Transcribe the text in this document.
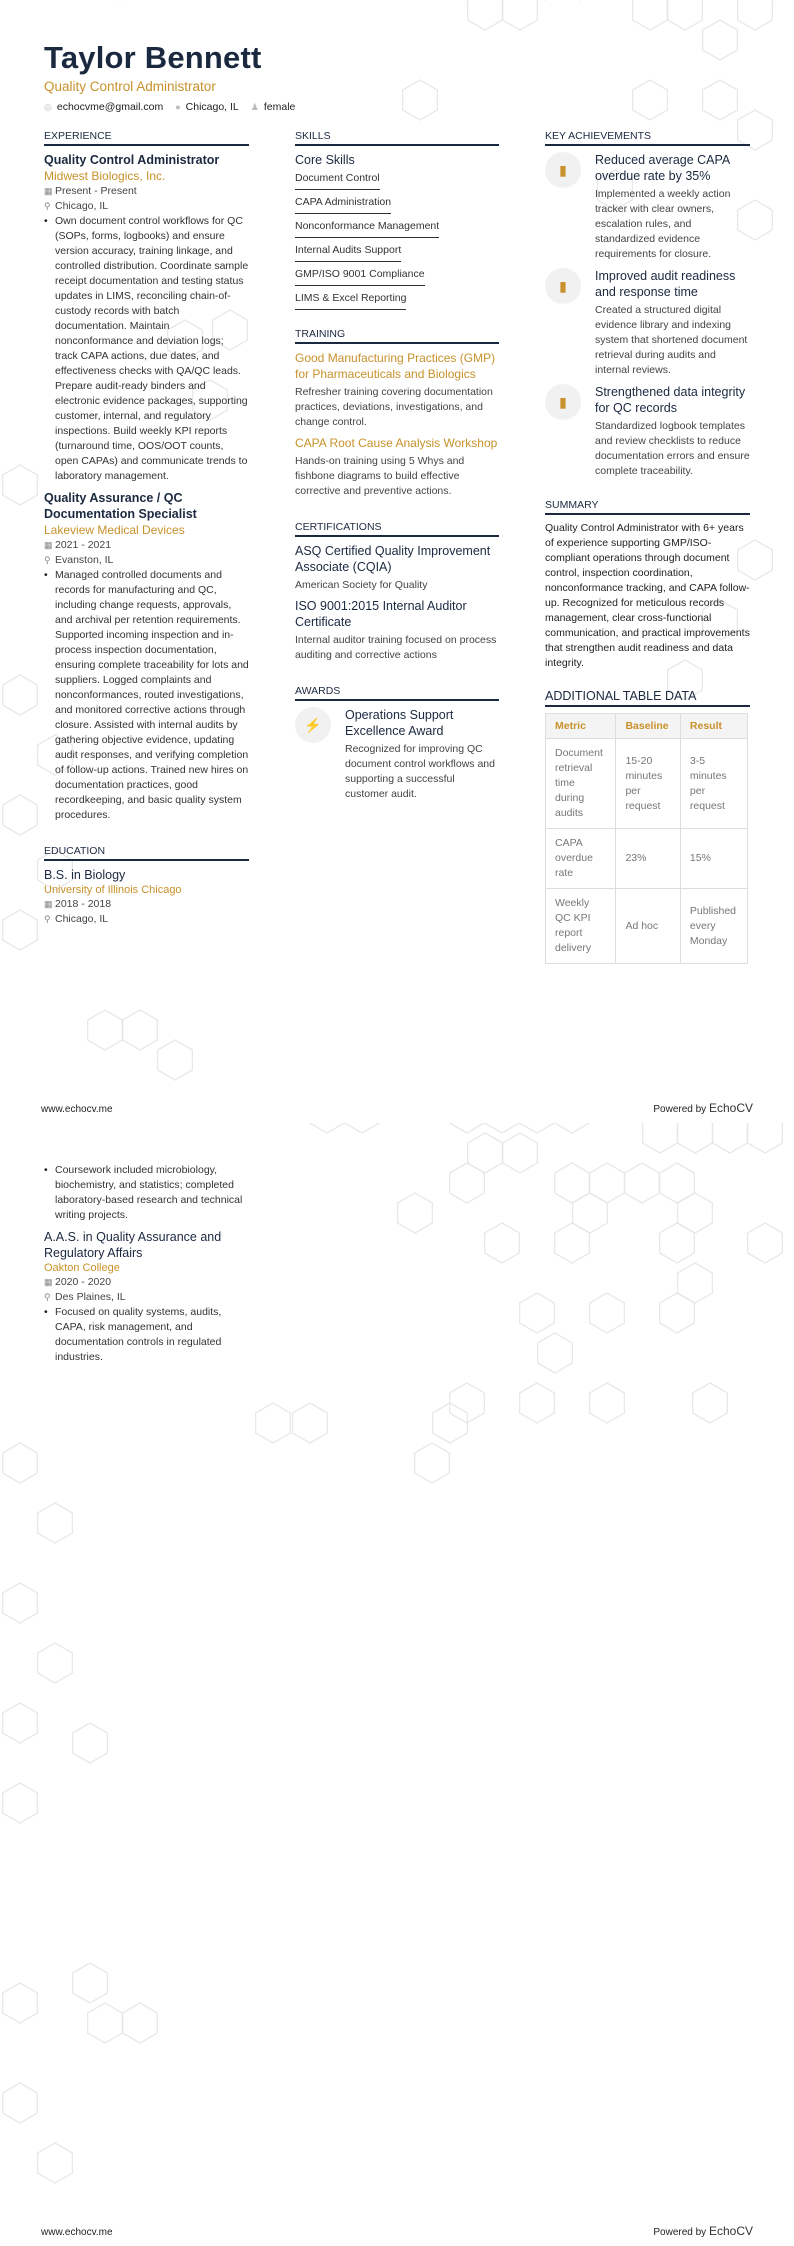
Taylor Bennett
Quality Control Administrator
◎ echocvme@gmail.com ● Chicago, IL ♟ female
EXPERIENCE
Quality Control Administrator
Midwest Biologics, Inc.
▦ Present - Present
⚲ Chicago, IL
• Own document control workflows for QC (SOPs, forms, logbooks) and ensure version accuracy, training linkage, and controlled distribution. Coordinate sample receipt documentation and testing status updates in LIMS, reconciling chain-of-custody records with batch documentation. Maintain nonconformance and deviation logs; track CAPA actions, due dates, and effectiveness checks with QA/QC leads. Prepare audit-ready binders and electronic evidence packages, supporting customer, internal, and regulatory inspections. Build weekly KPI reports (turnaround time, OOS/OOT counts, open CAPAs) and communicate trends to laboratory management.
Quality Assurance / QC Documentation Specialist
Lakeview Medical Devices
▦ 2021 - 2021
⚲ Evanston, IL
• Managed controlled documents and records for manufacturing and QC, including change requests, approvals, and archival per retention requirements. Supported incoming inspection and in-process inspection documentation, ensuring complete traceability for lots and suppliers. Logged complaints and nonconformances, routed investigations, and monitored corrective actions through closure. Assisted with internal audits by gathering objective evidence, updating audit responses, and verifying completion of follow-up actions. Trained new hires on documentation practices, good recordkeeping, and basic quality system procedures.
EDUCATION
B.S. in Biology
University of Illinois Chicago
▦ 2018 - 2018
⚲ Chicago, IL
SKILLS
Core Skills
Document Control
CAPA Administration
Nonconformance Management
Internal Audits Support
GMP/ISO 9001 Compliance
LIMS & Excel Reporting
TRAINING
Good Manufacturing Practices (GMP) for Pharmaceuticals and Biologics
Refresher training covering documentation practices, deviations, investigations, and change control.
CAPA Root Cause Analysis Workshop
Hands-on training using 5 Whys and fishbone diagrams to build effective corrective and preventive actions.
CERTIFICATIONS
ASQ Certified Quality Improvement Associate (CQIA)
American Society for Quality
ISO 9001:2015 Internal Auditor Certificate
Internal auditor training focused on process auditing and corrective actions
AWARDS
⚡
Operations Support Excellence Award
Recognized for improving QC document control workflows and supporting a successful customer audit.
KEY ACHIEVEMENTS
▮
Reduced average CAPA overdue rate by 35%
Implemented a weekly action tracker with clear owners, escalation rules, and standardized evidence requirements for closure.
▮
Improved audit readiness and response time
Created a structured digital evidence library and indexing system that shortened document retrieval during audits and internal reviews.
▮
Strengthened data integrity for QC records
Standardized logbook templates and review checklists to reduce documentation errors and ensure complete traceability.
SUMMARY
Quality Control Administrator with 6+ years of experience supporting GMP/ISO-compliant operations through document control, inspection coordination, nonconformance tracking, and CAPA follow-up. Recognized for meticulous records management, clear cross-functional communication, and practical improvements that strengthen audit readiness and data integrity.
ADDITIONAL TABLE DATA
Metric	Baseline	Result
Document retrieval time during audits	15-20 minutes per request	3-5 minutes per request
CAPA overdue rate	23%	15%
Weekly QC KPI report delivery	Ad hoc	Published every Monday
www.echocv.me	Powered by EchoCV
• Coursework included microbiology, biochemistry, and statistics; completed laboratory-based research and technical writing projects.
A.A.S. in Quality Assurance and Regulatory Affairs
Oakton College
▦ 2020 - 2020
⚲ Des Plaines, IL
• Focused on quality systems, audits, CAPA, risk management, and documentation controls in regulated industries.
www.echocv.me	Powered by EchoCV
